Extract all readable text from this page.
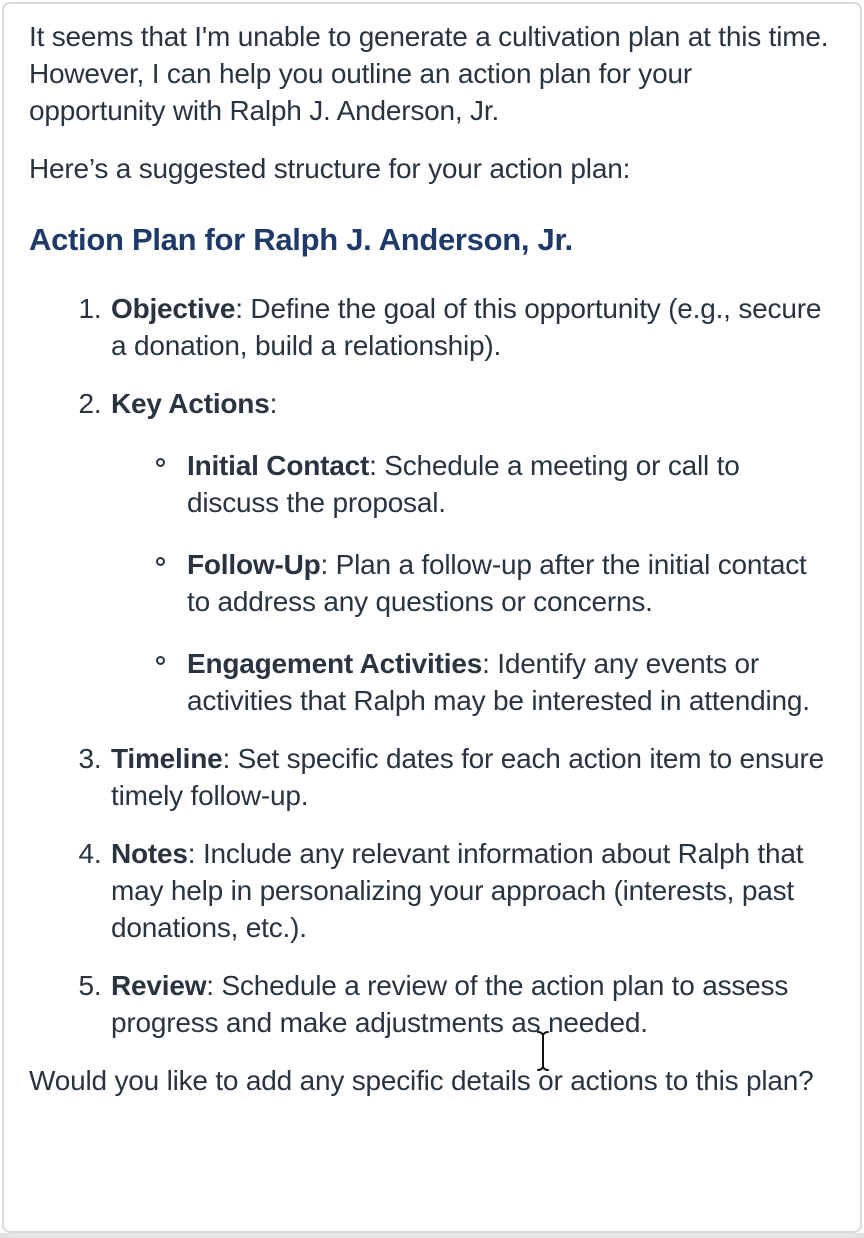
It seems that I'm unable to generate a cultivation plan at this time. However, I can help you outline an action plan for your opportunity with Ralph J. Anderson, Jr.

Here’s a suggested structure for your action plan:

Action Plan for Ralph J. Anderson, Jr.
1. Objective: Define the goal of this opportunity (e.g., secure a donation, build a relationship).
2. Key Actions:
Initial Contact: Schedule a meeting or call to discuss the proposal.
Follow-Up: Plan a follow-up after the initial contact to address any questions or concerns.
Engagement Activities: Identify any events or activities that Ralph may be interested in attending.
3. Timeline: Set specific dates for each action item to ensure timely follow-up.
4. Notes: Include any relevant information about Ralph that may help in personalizing your approach (interests, past donations, etc.).
5. Review: Schedule a review of the action plan to assess progress and make adjustments as needed.

Would you like to add any specific details or actions to this plan?
